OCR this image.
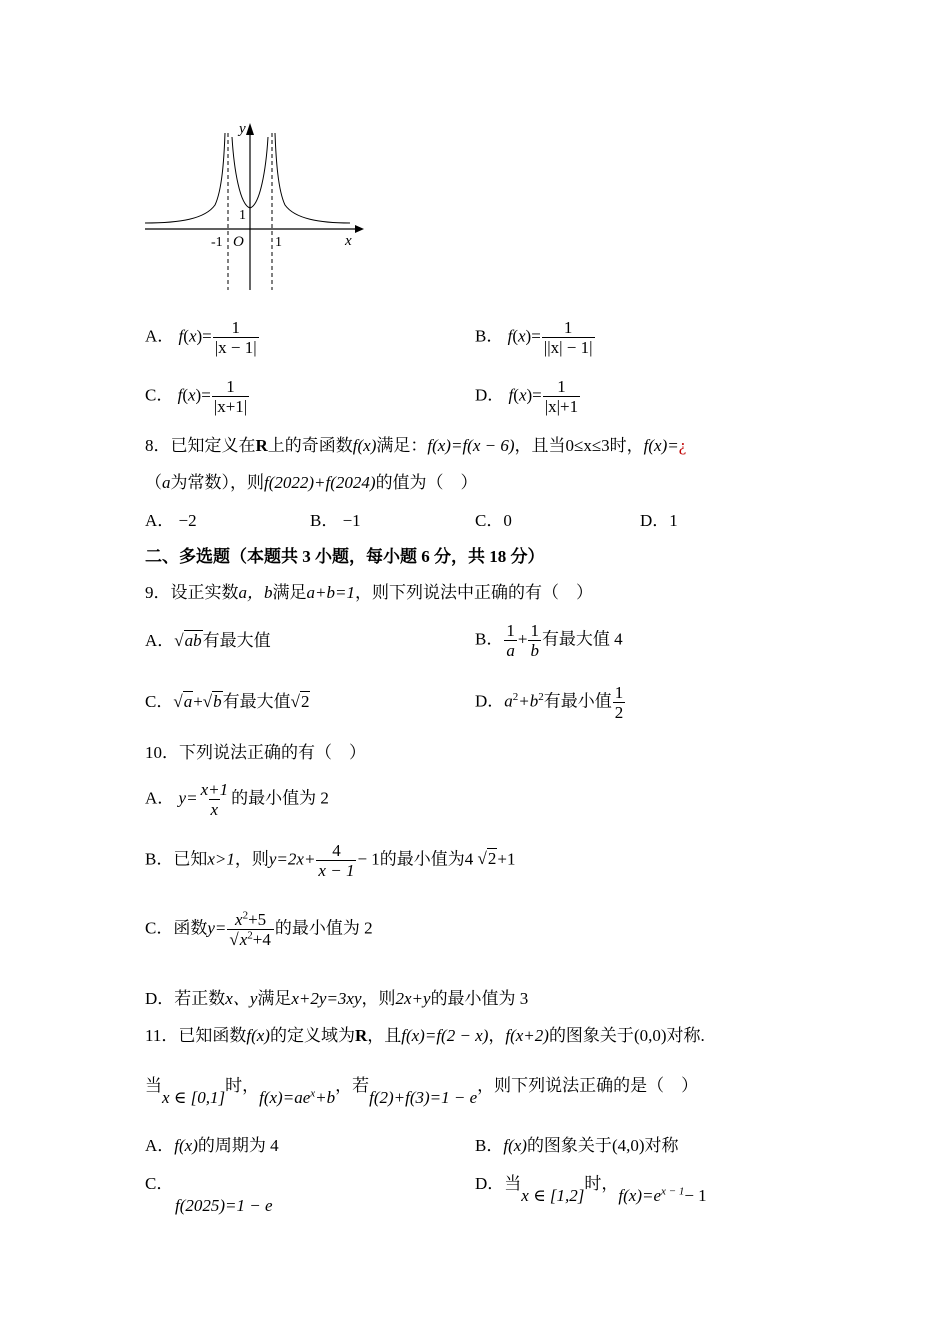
y
x
O
-1	1
1
A． $f(x)= \frac{1}{|x - 1|}$	B． $f(x)= \frac{1}{||x| - 1|}$
C． $f(x)= \frac{1}{|x+1|}$	D． $f(x)= \frac{1}{|x|+1}$
8．已知定义在R上的奇函数f(x)满足：f(x)=f(x − 6)，且当0≤x≤3时，f(x)=¿
（a为常数），则f(2022)+f(2024)的值为（　）
A． −2	B． −1	C．0	D．1
二、多选题（本题共 3 小题，每小题 6 分，共 18 分）
9．设正实数a，b满足a+b=1，则下列说法中正确的有（　）
A．√ab有最大值	B． $\frac{1}{a} + \frac{1}{b}$ 有最大值 4
C．√a+√b有最大值√2	D．$a^2+b^2$有最小值 $\frac{1}{2}$
10．下列说法正确的有（　）
A． $y= \frac{x+1}{x}$ 的最小值为 2
B．已知x>1，则$y=2x+ \frac{4}{x - 1} - 1$的最小值为4 √2+1
C．函数$y= \frac{x^2+5}{√x^2+4}$ 的最小值为 2
D．若正数x、y满足x+2y=3xy，则2x+y的最小值为 3
11．已知函数f(x)的定义域为R，且f(x)=f(2 − x)，f(x+2)的图象关于(0,0)对称.
当x ∈ [0,1]时，$f(x)=ae^x+b$，若f(2)+f(3)=1 − e，则下列说法正确的是（　）
A．f(x)的周期为 4	B．f(x)的图象关于(4,0)对称
C．
f(2025)=1 − e
D．当x ∈ [1,2]时，$f(x)=e^{x - 1}- 1$
